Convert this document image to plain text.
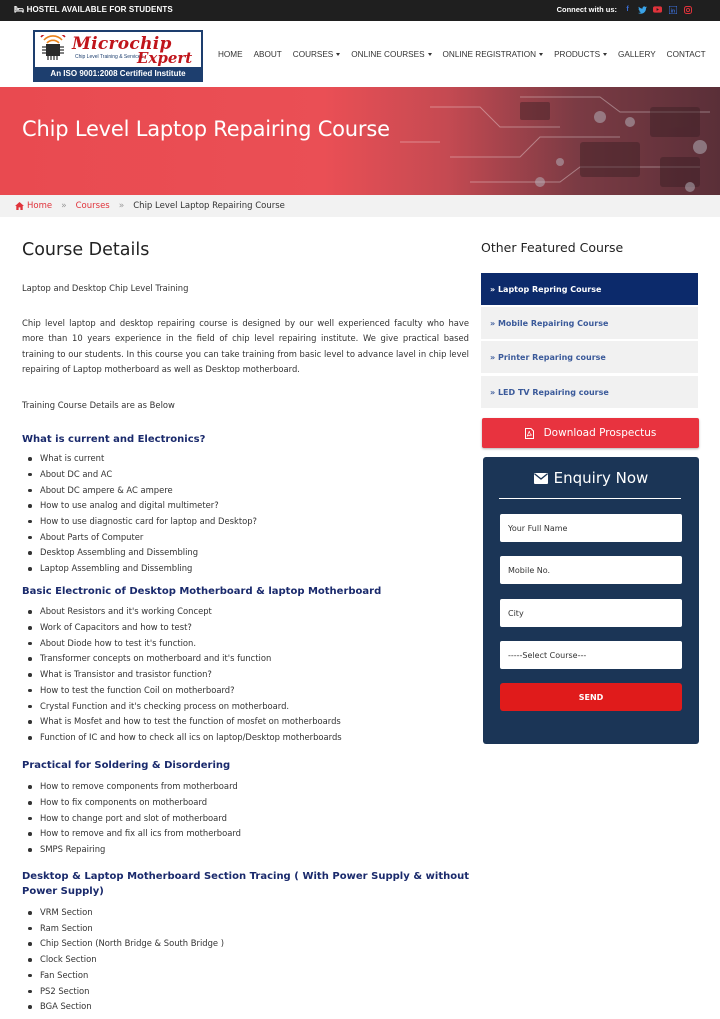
🛏︎ HOSTEL AVAILABLE FOR STUDENTS	Connect with us:	f	in
Microchip
Chip Level Training & Services
Expert
An ISO 9001:2008 Certified Institute
HOME ABOUT COURSES ONLINE COURSES ONLINE REGISTRATION PRODUCTS GALLERY CONTACT
Chip Level Laptop Repairing Course
Home » Courses » Chip Level Laptop Repairing Course
Course Details
Laptop and Desktop Chip Level Training
Chip level laptop and desktop repairing course is designed by our well experienced faculty who have more than 10 years experience in the field of chip level repairing institute. We give practical based training to our students. In this course you can take training from basic level to advance lavel in chip level repairing of Laptop motherboard as well as Desktop motherboard.
Training Course Details are as Below
What is current and Electronics?
What is current
About DC and AC
About DC ampere & AC ampere
How to use analog and digital multimeter?
How to use diagnostic card for laptop and Desktop?
About Parts of Computer
Desktop Assembling and Dissembling
Laptop Assembling and Dissembling
Basic Electronic of Desktop Motherboard & laptop Motherboard
About Resistors and it's working Concept
Work of Capacitors and how to test?
About Diode how to test it's function.
Transformer concepts on motherboard and it's function
What is Transistor and trasistor function?
How to test the function Coil on motherboard?
Crystal Function and it's checking process on motherboard.
What is Mosfet and how to test the function of mosfet on motherboards
Function of IC and how to check all ics on laptop/Desktop motherboards
Practical for Soldering & Disordering
How to remove components from motherboard
How to fix components on motherboard
How to change port and slot of motherboard
How to remove and fix all ics from motherboard
SMPS Repairing
Desktop & Laptop Motherboard Section Tracing ( With Power Supply & without Power Supply)
VRM Section
Ram Section
Chip Section (North Bridge & South Bridge )
Clock Section
Fan Section
PS2 Section
BGA Section
Other Featured Course
» Laptop Repring Course
» Mobile Repairing Course
» Printer Reparing course
» LED TV Repairing course
Download Prospectus
Enquiry Now
Your Full Name
Mobile No.
City
-----Select Course---
SEND
